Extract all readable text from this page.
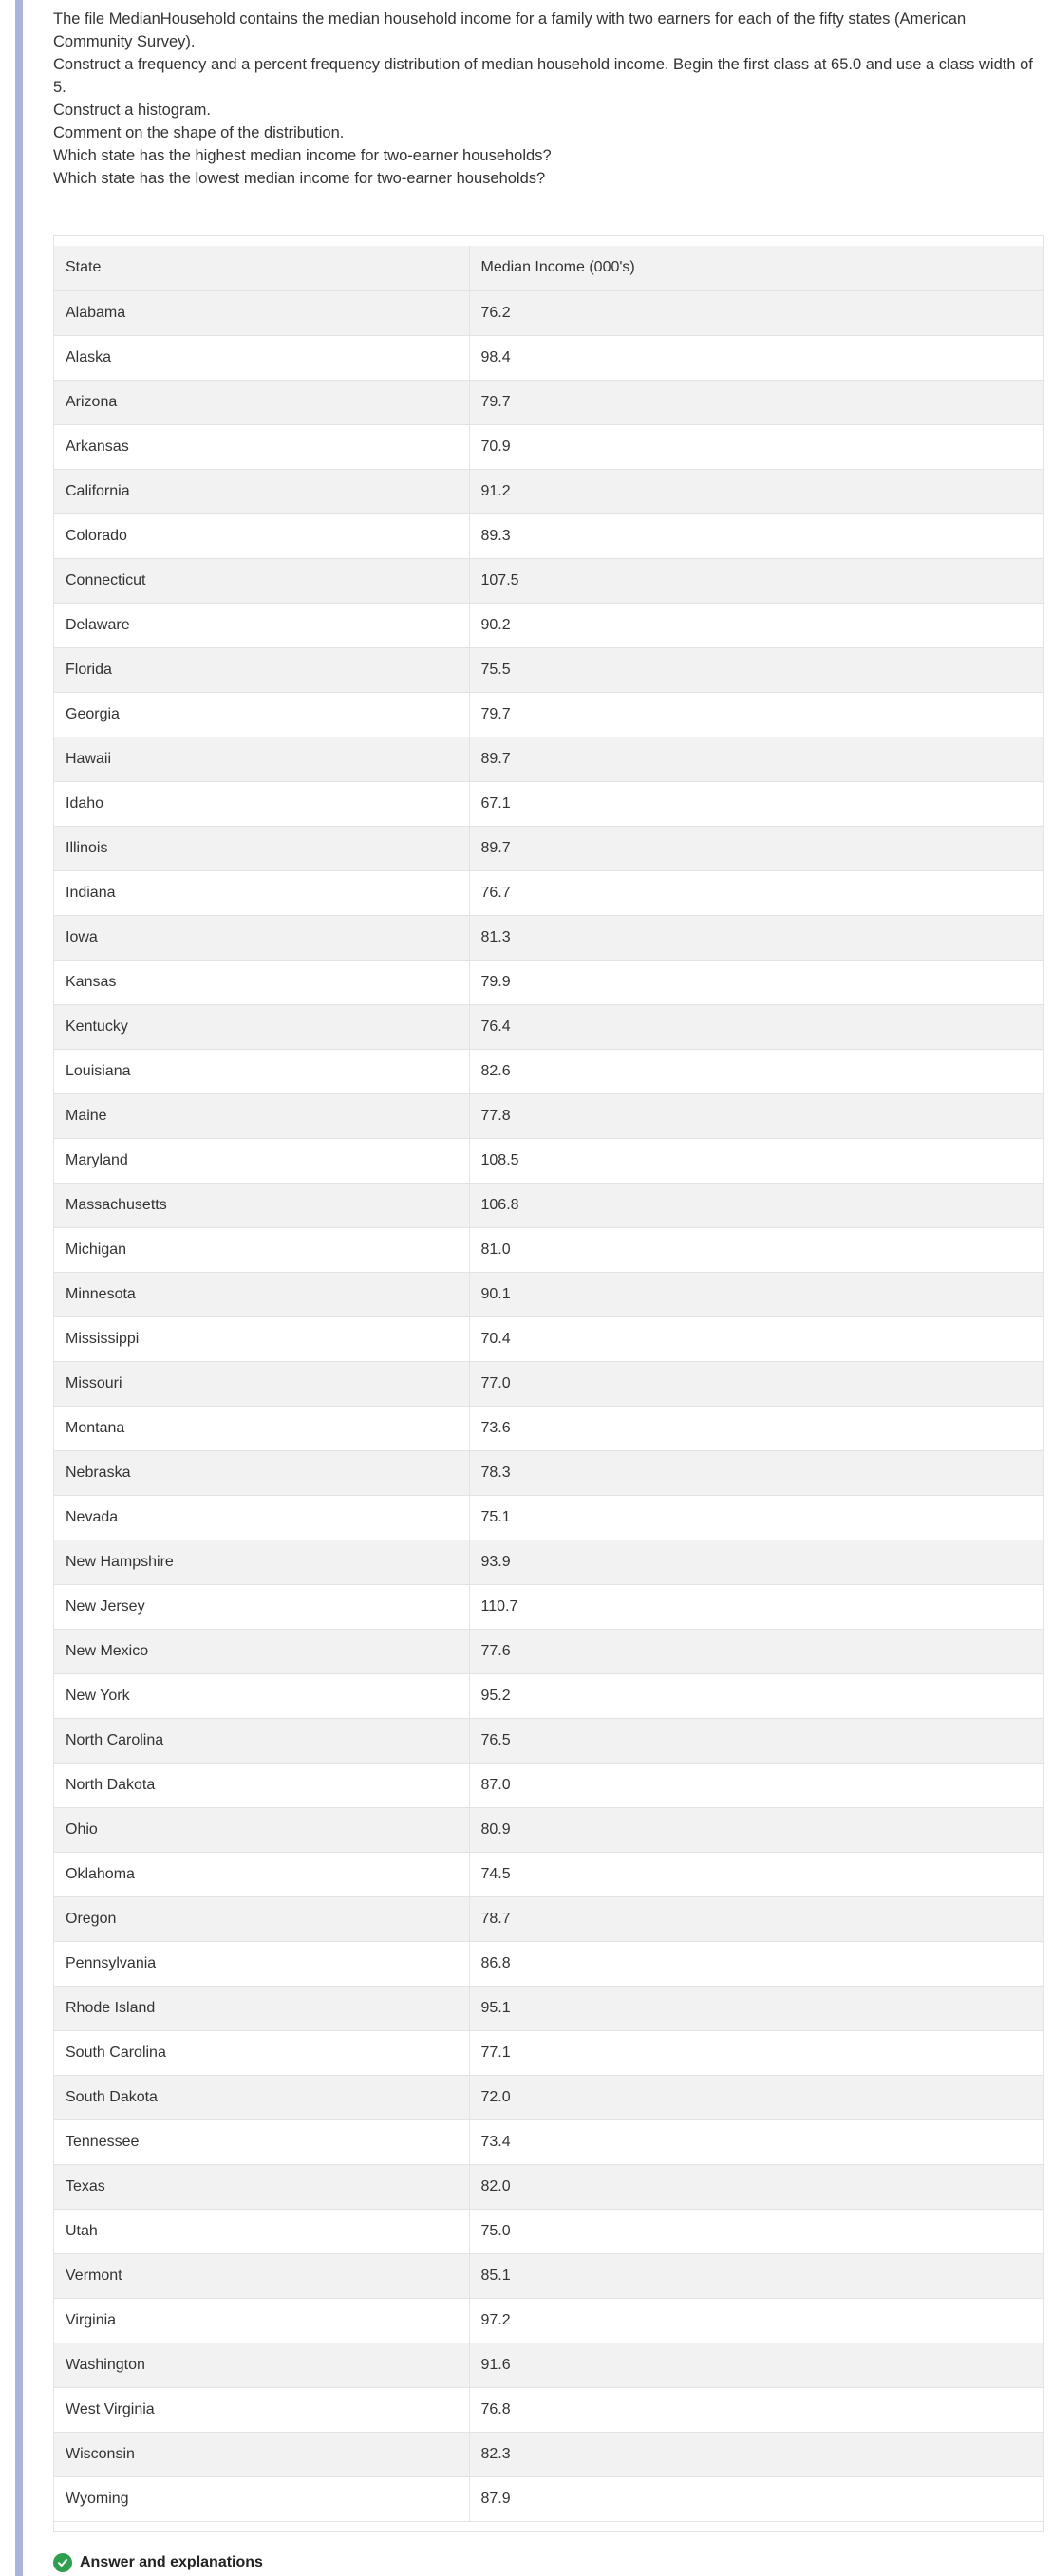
The file MedianHousehold contains the median household income for a family with two earners for each of the fifty states (American Community Survey).

Construct a frequency and a percent frequency distribution of median household income. Begin the first class at 65.0 and use a class width of 5.

Construct a histogram.

Comment on the shape of the distribution.

Which state has the highest median income for two-earner households?

Which state has the lowest median income for two-earner households?

State	Median Income (000's)
Alabama	76.2
Alaska	98.4
Arizona	79.7
Arkansas	70.9
California	91.2
Colorado	89.3
Connecticut	107.5
Delaware	90.2
Florida	75.5
Georgia	79.7
Hawaii	89.7
Idaho	67.1
Illinois	89.7
Indiana	76.7
Iowa	81.3
Kansas	79.9
Kentucky	76.4
Louisiana	82.6
Maine	77.8
Maryland	108.5
Massachusetts	106.8
Michigan	81.0
Minnesota	90.1
Mississippi	70.4
Missouri	77.0
Montana	73.6
Nebraska	78.3
Nevada	75.1
New Hampshire	93.9
New Jersey	110.7
New Mexico	77.6
New York	95.2
North Carolina	76.5
North Dakota	87.0
Ohio	80.9
Oklahoma	74.5
Oregon	78.7
Pennsylvania	86.8
Rhode Island	95.1
South Carolina	77.1
South Dakota	72.0
Tennessee	73.4
Texas	82.0
Utah	75.0
Vermont	85.1
Virginia	97.2
Washington	91.6
West Virginia	76.8
Wisconsin	82.3
Wyoming	87.9
Answer and explanations
